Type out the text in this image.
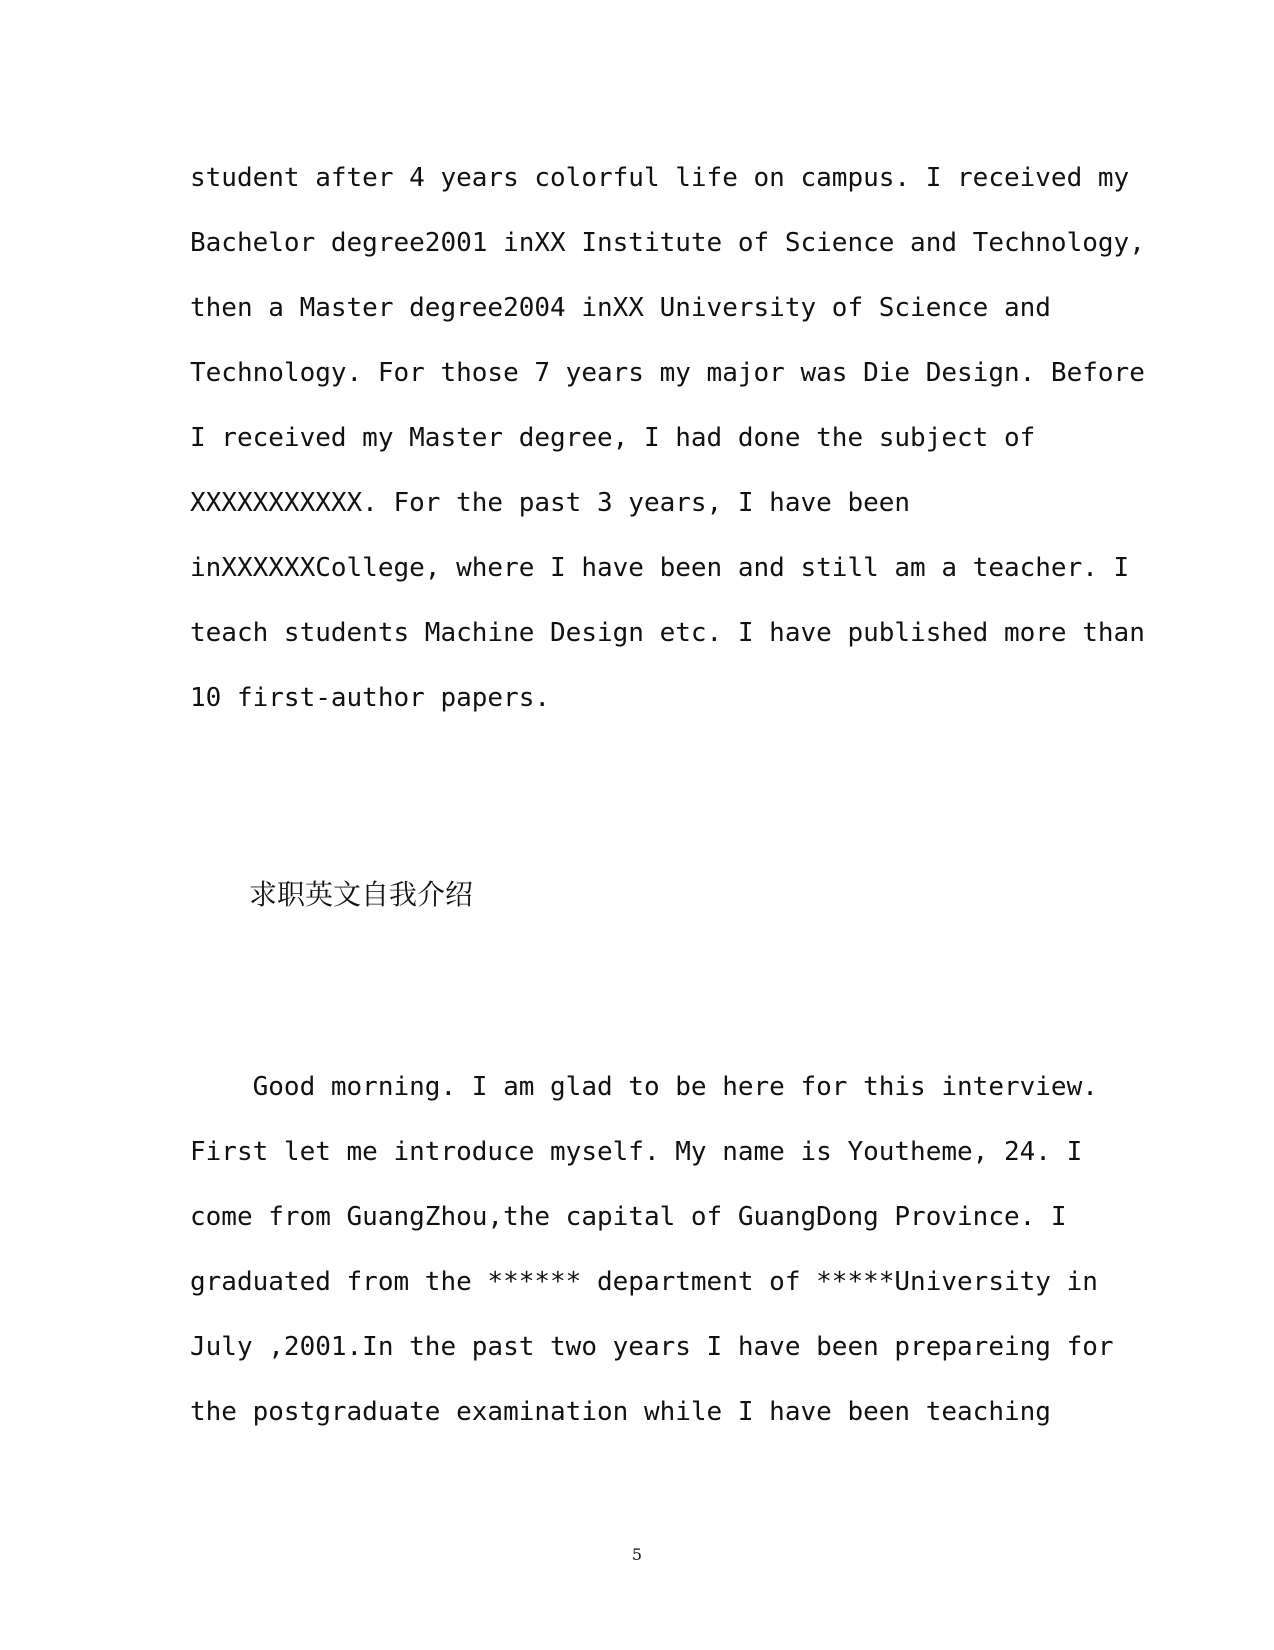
student after 4 years colorful life on campus. I received my
Bachelor degree2001 inXX Institute of Science and Technology,
then a Master degree2004 inXX University of Science and
Technology. For those 7 years my major was Die Design. Before
I received my Master degree, I had done the subject of
XXXXXXXXXXX. For the past 3 years, I have been
inXXXXXXCollege, where I have been and still am a teacher. I
teach students Machine Design etc. I have published more than
10 first-author papers.
求职英文自我介绍
Good morning. I am glad to be here for this interview.
First let me introduce myself. My name is Youtheme, 24. I
come from GuangZhou,the capital of GuangDong Province. I
graduated from the ****** department of *****University in
July ,2001.In the past two years I have been prepareing for
the postgraduate examination while I have been teaching
5
